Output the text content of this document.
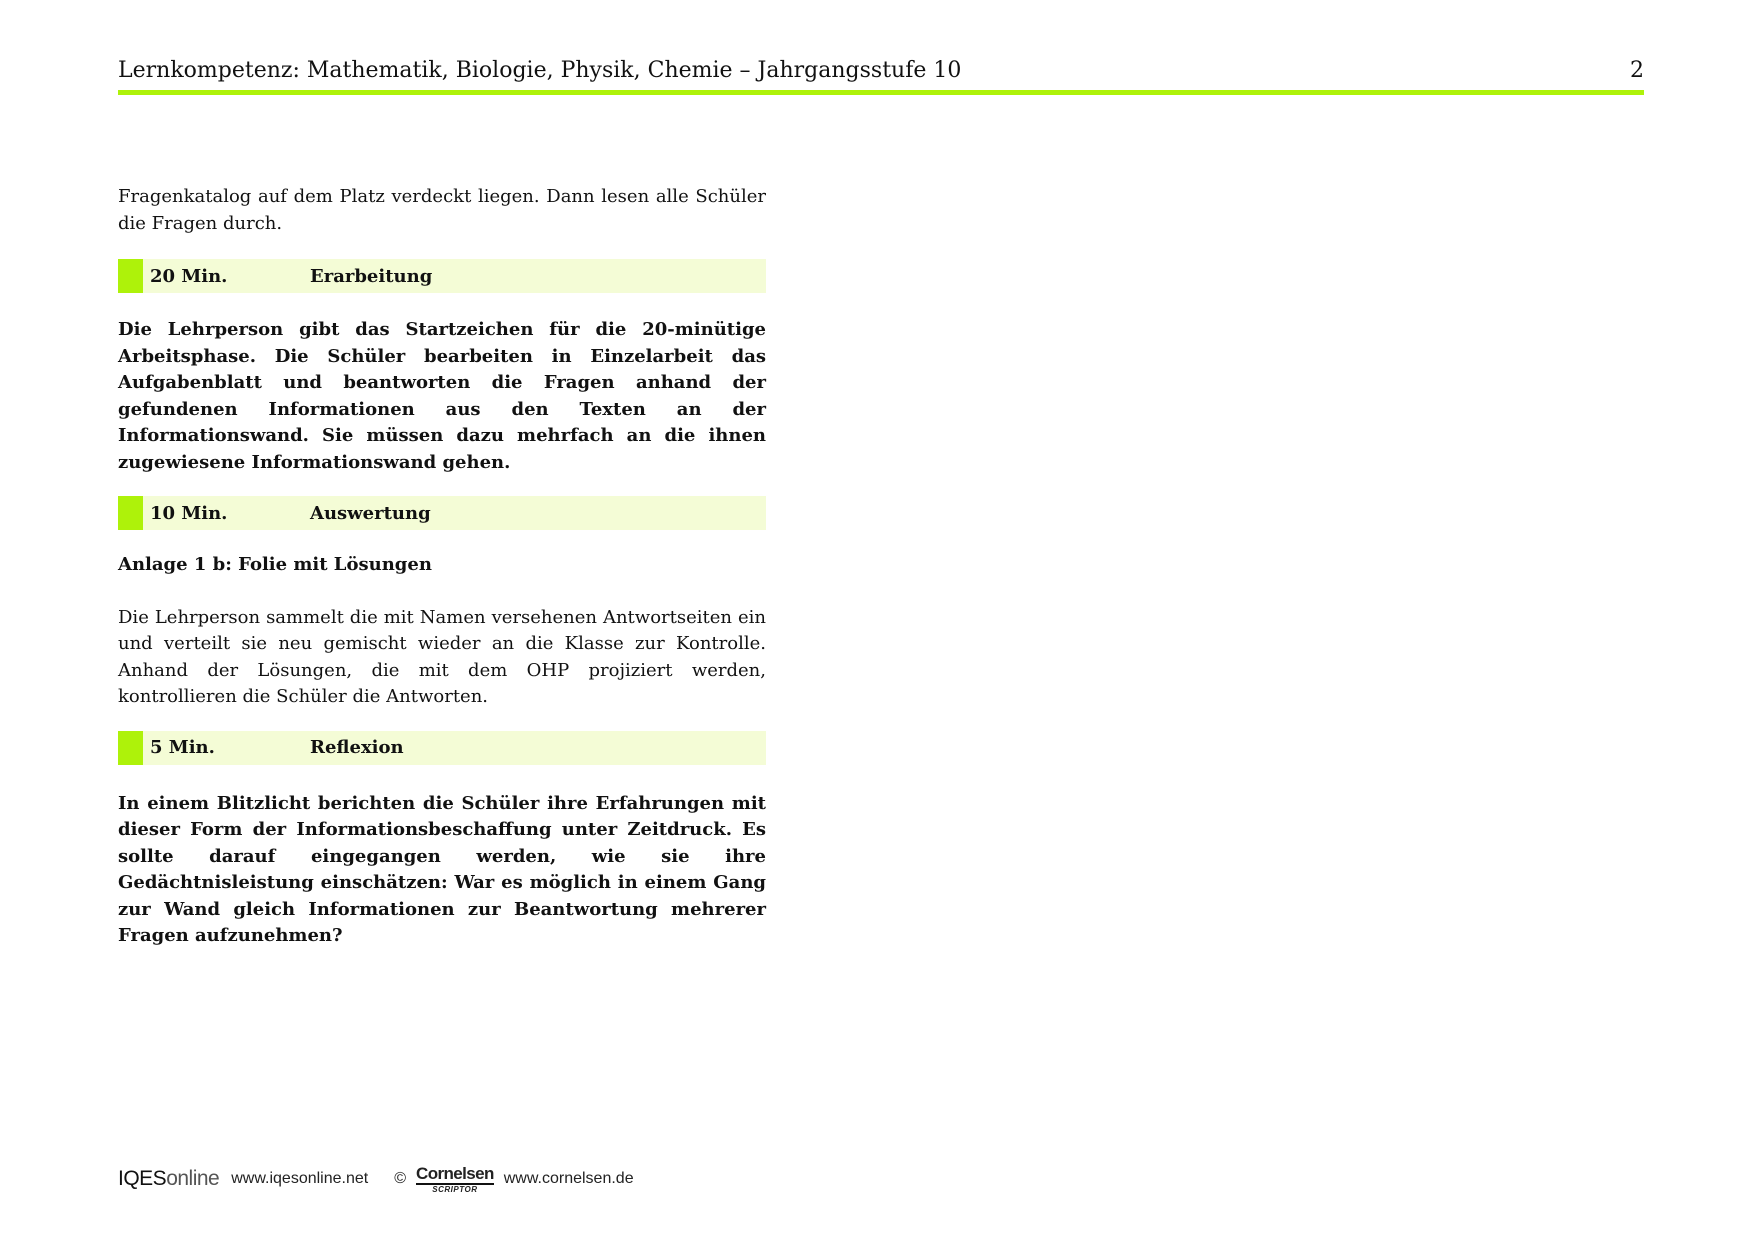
Lernkompetenz: Mathematik, Biologie, Physik, Chemie – Jahrgangsstufe 10	2

Fragenkatalog auf dem Platz verdeckt liegen. Dann lesen alle Schüler die Fragen durch.

20 Min.	Erarbeitung

Die Lehrperson gibt das Startzeichen für die 20-minütige Arbeitsphase. Die Schüler bearbeiten in Einzelarbeit das Aufgabenblatt und beantworten die Fragen anhand der gefundenen Informationen aus den Texten an der Informationswand. Sie müssen dazu mehrfach an die ihnen zugewiesene Informationswand gehen.

10 Min.	Auswertung

Anlage 1 b: Folie mit Lösungen

Die Lehrperson sammelt die mit Namen versehenen Antwortseiten ein und verteilt sie neu gemischt wieder an die Klasse zur Kontrolle. Anhand der Lösungen, die mit dem OHP projiziert werden, kontrollieren die Schüler die Antworten.

5 Min.	Reflexion

In einem Blitzlicht berichten die Schüler ihre Erfahrungen mit dieser Form der Informationsbeschaffung unter Zeitdruck. Es sollte darauf eingegangen werden, wie sie ihre Gedächtnisleistung einschätzen: War es möglich in einem Gang zur Wand gleich Informationen zur Beantwortung mehrerer Fragen aufzunehmen?

IQESonline www.iqesonline.net © Cornelsen
SCRIPTOR
www.cornelsen.de
